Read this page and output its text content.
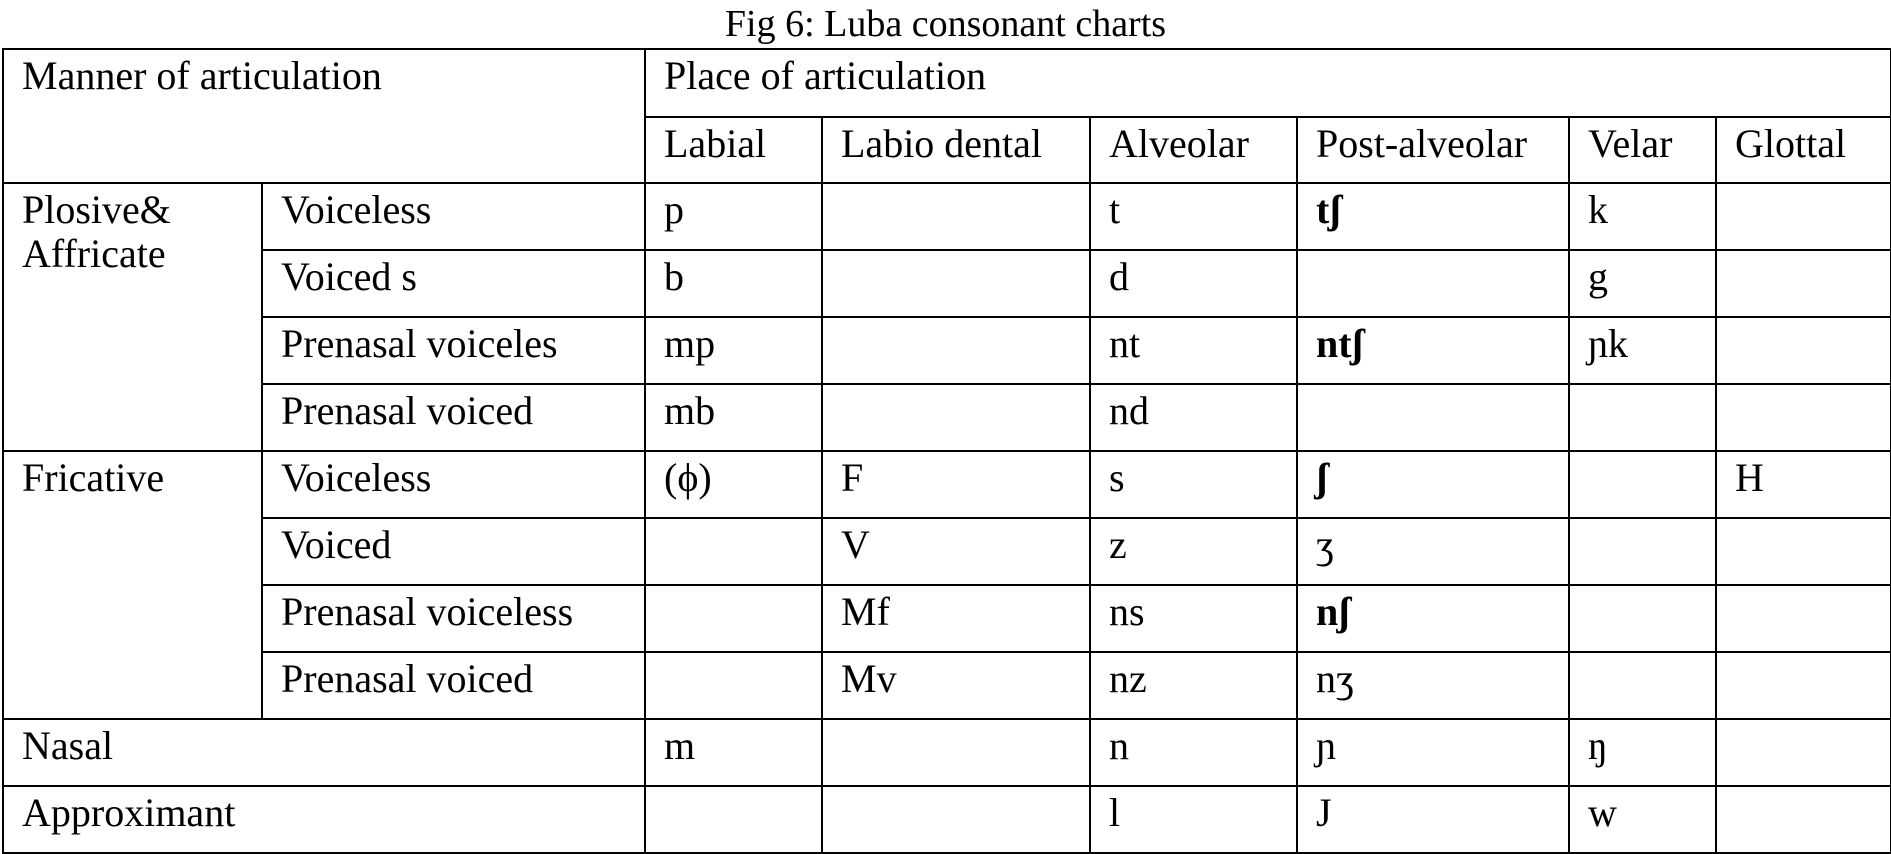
Fig 6: Luba consonant charts
Manner of articulation		Place of articulation					
		Labial	Labio dental	Alveolar	Post-alveolar	Velar	Glottal
Plosive&
Affricate	Voiceless	p		t	tʃ	k	
	Voiced s	b		d		g	
	Prenasal voiceles	mp		nt	ntʃ	ɲk	
	Prenasal voiced	mb		nd			
Fricative	Voiceless	(ϕ)	F	s	ʃ		H
	Voiced		V	z	ʒ		
	Prenasal voiceless		Mf	ns	nʃ		
	Prenasal voiced		Mv	nz	nʒ		
Nasal		m		n	ɲ	ŋ	
Approximant				l	J	w	
